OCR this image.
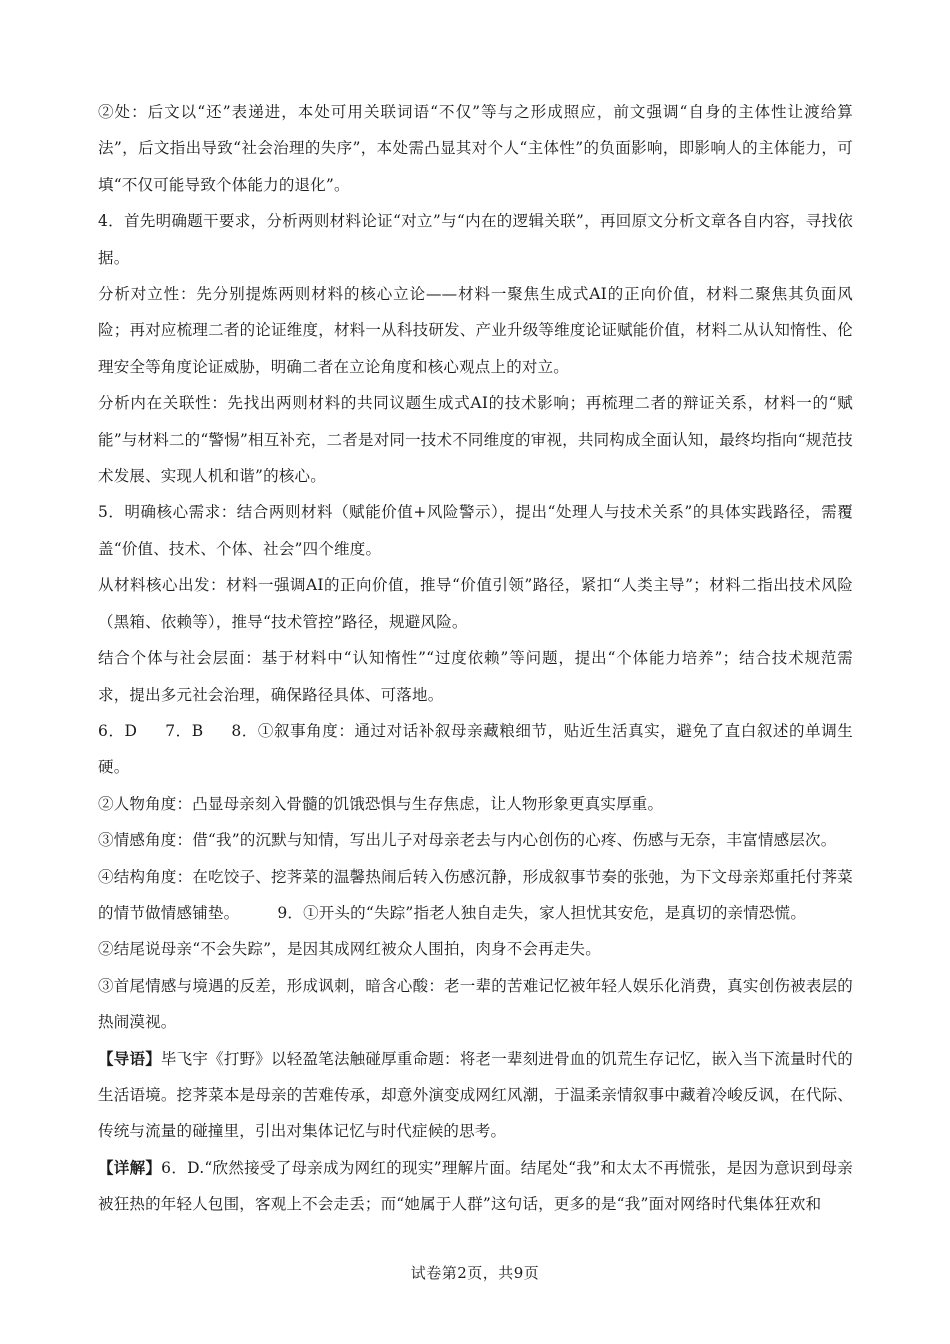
②处：后文以“还”表递进，本处可用关联词语“不仅”等与之形成照应，前文强调“自身的主体性让渡给算法”，后文指出导致“社会治理的失序”，本处需凸显其对个人“主体性”的负面影响，即影响人的主体能力，可填“不仅可能导致个体能力的退化”。

4．首先明确题干要求，分析两则材料论证“对立”与“内在的逻辑关联”，再回原文分析文章各自内容，寻找依据。

分析对立性：先分别提炼两则材料的核心立论——材料一聚焦生成式AI的正向价值，材料二聚焦其负面风险；再对应梳理二者的论证维度，材料一从科技研发、产业升级等维度论证赋能价值，材料二从认知惰性、伦理安全等角度论证威胁，明确二者在立论角度和核心观点上的对立。

分析内在关联性：先找出两则材料的共同议题生成式AI的技术影响；再梳理二者的辩证关系，材料一的“赋能”与材料二的“警惕”相互补充，二者是对同一技术不同维度的审视，共同构成全面认知，最终均指向“规范技术发展、实现人机和谐”的核心。

5．明确核心需求：结合两则材料（赋能价值+风险警示），提出“处理人与技术关系”的具体实践路径，需覆盖“价值、技术、个体、社会”四个维度。

从材料核心出发：材料一强调AI的正向价值，推导“价值引领”路径，紧扣“人类主导”；材料二指出技术风险（黑箱、依赖等），推导“技术管控”路径，规避风险。

结合个体与社会层面：基于材料中“认知惰性”“过度依赖”等问题，提出“个体能力培养”；结合技术规范需求，提出多元社会治理，确保路径具体、可落地。

6．D 7．B 8．①叙事角度：通过对话补叙母亲藏粮细节，贴近生活真实，避免了直白叙述的单调生硬。

②人物角度：凸显母亲刻入骨髓的饥饿恐惧与生存焦虑，让人物形象更真实厚重。

③情感角度：借“我”的沉默与知情，写出儿子对母亲老去与内心创伤的心疼、伤感与无奈，丰富情感层次。

④结构角度：在吃饺子、挖荠菜的温馨热闹后转入伤感沉静，形成叙事节奏的张弛，为下文母亲郑重托付荠菜的情节做情感铺垫。 9．①开头的“失踪”指老人独自走失，家人担忧其安危，是真切的亲情恐慌。

②结尾说母亲“不会失踪”，是因其成网红被众人围拍，肉身不会再走失。

③首尾情感与境遇的反差，形成讽刺，暗含心酸：老一辈的苦难记忆被年轻人娱乐化消费，真实创伤被表层的热闹漠视。

【导语】毕飞宇《打野》以轻盈笔法触碰厚重命题：将老一辈刻进骨血的饥荒生存记忆，嵌入当下流量时代的生活语境。挖荠菜本是母亲的苦难传承，却意外演变成网红风潮，于温柔亲情叙事中藏着冷峻反讽，在代际、传统与流量的碰撞里，引出对集体记忆与时代症候的思考。

【详解】6．D.“欣然接受了母亲成为网红的现实”理解片面。结尾处“我”和太太不再慌张，是因为意识到母亲被狂热的年轻人包围，客观上不会走丢；而“她属于人群”这句话，更多的是“我”面对网络时代集体狂欢和

试卷第2页，共9页
